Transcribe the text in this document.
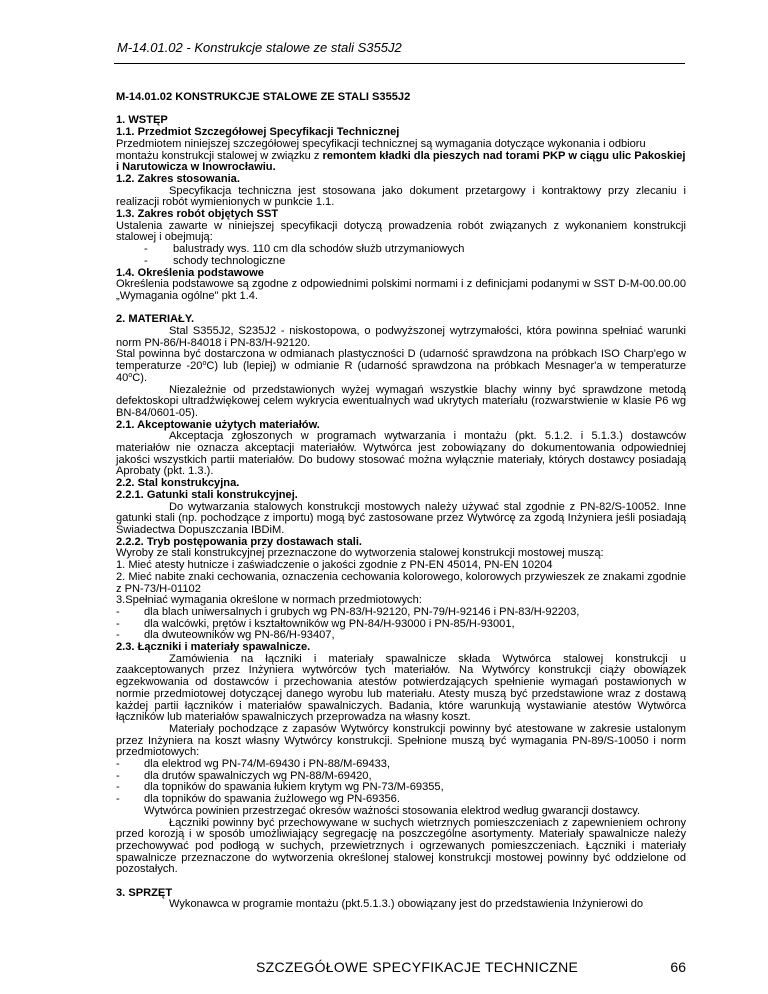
M-14.01.02 - Konstrukcje stalowe ze stali S355J2

M-14.01.02 KONSTRUKCJE STALOWE ZE STALI S355J2

1. WSTĘP

1.1. Przedmiot Szczegółowej Specyfikacji Technicznej

Przedmiotem niniejszej szczegółowej specyfikacji technicznej są wymagania dotyczące wykonania i odbioru montażu konstrukcji stalowej w związku z remontem kładki dla pieszych nad torami PKP w ciągu ulic Pakoskiej i Narutowicza w Inowrocławiu.

1.2. Zakres stosowania.

Specyfikacja techniczna jest stosowana jako dokument przetargowy i kontraktowy przy zlecaniu i realizacji robót wymienionych w punkcie 1.1.

1.3. Zakres robót objętych SST

Ustalenia zawarte w niniejszej specyfikacji dotyczą prowadzenia robót związanych z wykonaniem konstrukcji stalowej i obejmują:

- balustrady wys. 110 cm dla schodów służb utrzymaniowych

- schody technologiczne

1.4. Określenia podstawowe

Określenia podstawowe są zgodne z odpowiednimi polskimi normami i z definicjami podanymi w SST D-M-00.00.00 „Wymagania ogólne" pkt 1.4.

2. MATERIAŁY.

Stal S355J2, S235J2 - niskostopowa, o podwyższonej wytrzymałości, która powinna spełniać warunki norm PN-86/H-84018 i PN-83/H-92120.

Stal powinna być dostarczona w odmianach plastyczności D (udarność sprawdzona na próbkach ISO Charp'ego w temperaturze -20$^o$C) lub (lepiej) w odmianie R (udarność sprawdzona na próbkach Mesnager'a w temperaturze 40$^o$C).

Niezależnie od przedstawionych wyżej wymagań wszystkie blachy winny być sprawdzone metodą defektoskopi ultradźwiękowej celem wykrycia ewentualnych wad ukrytych materiału (rozwarstwienie w klasie P6 wg BN-84/0601-05).

2.1. Akceptowanie użytych materiałów.

Akceptacja zgłoszonych w programach wytwarzania i montażu (pkt. 5.1.2. i 5.1.3.) dostawców materiałów nie oznacza akceptacji materiałów. Wytwórca jest zobowiązany do dokumentowania odpowiedniej jakości wszystkich partii materiałów. Do budowy stosować można wyłącznie materiały, których dostawcy posiadają Aprobaty (pkt. 1.3.).

2.2. Stal konstrukcyjna.

2.2.1. Gatunki stali konstrukcyjnej.

Do wytwarzania stalowych konstrukcji mostowych należy używać stal zgodnie z PN-82/S-10052. Inne gatunki stali (np. pochodzące z importu) mogą być zastosowane przez Wytwórcę za zgodą Inżyniera jeśli posiadają Świadectwa Dopuszczania IBDiM.

2.2.2. Tryb postępowania przy dostawach stali.

Wyroby ze stali konstrukcyjnej przeznaczone do wytworzenia stalowej konstrukcji mostowej muszą:

1. Mieć atesty hutnicze i zaświadczenie o jakości zgodnie z PN-EN 45014, PN-EN 10204

2. Mieć nabite znaki cechowania, oznaczenia cechowania kolorowego, kolorowych przywieszek ze znakami zgodnie z PN-73/H-01102

3.Spełniać wymagania określone w normach przedmiotowych:

- dla blach uniwersalnych i grubych wg PN-83/H-92120, PN-79/H-92146 i PN-83/H-92203,

- dla walcówki, prętów i kształtowników wg PN-84/H-93000 i PN-85/H-93001,

- dla dwuteowników wg PN-86/H-93407,

2.3. Łączniki i materiały spawalnicze.

Zamówienia na łączniki i materiały spawalnicze składa Wytwórca stalowej konstrukcji u zaakceptowanych przez Inżyniera wytwórców tych materiałów. Na Wytwórcy konstrukcji ciąży obowiązek egzekwowania od dostawców i przechowania atestów potwierdzających spełnienie wymagań postawionych w normie przedmiotowej dotyczącej danego wyrobu lub materiału. Atesty muszą być przedstawione wraz z dostawą każdej partii łączników i materiałów spawalniczych. Badania, które warunkują wystawianie atestów Wytwórca łączników lub materiałów spawalniczych przeprowadza na własny koszt.

Materiały pochodzące z zapasów Wytwórcy konstrukcji powinny być atestowane w zakresie ustalonym przez Inżyniera na koszt własny Wytwórcy konstrukcji. Spełnione muszą być wymagania PN-89/S-10050 i norm przedmiotowych:

- dla elektrod wg PN-74/M-69430 i PN-88/M-69433,

- dla drutów spawalniczych wg PN-88/M-69420,

- dla topników do spawania łukiem krytym wg PN-73/M-69355,

- dla topników do spawania żużlowego wg PN-69356.

Wytwórca powinien przestrzegać okresów ważności stosowania elektrod według gwarancji dostawcy.

Łączniki powinny być przechowywane w suchych wietrznych pomieszczeniach z zapewnieniem ochrony przed korozją i w sposób umożliwiający segregację na poszczególne asortymenty. Materiały spawalnicze należy przechowywać pod podłogą w suchych, przewietrznych i ogrzewanych pomieszczeniach. Łączniki i materiały spawalnicze przeznaczone do wytworzenia określonej stalowej konstrukcji mostowej powinny być oddzielone od pozostałych.

3. SPRZĘT

Wykonawca w programie montażu (pkt.5.1.3.) obowiązany jest do przedstawienia Inżynierowi do

SZCZEGÓŁOWE SPECYFIKACJE TECHNICZNE	66
